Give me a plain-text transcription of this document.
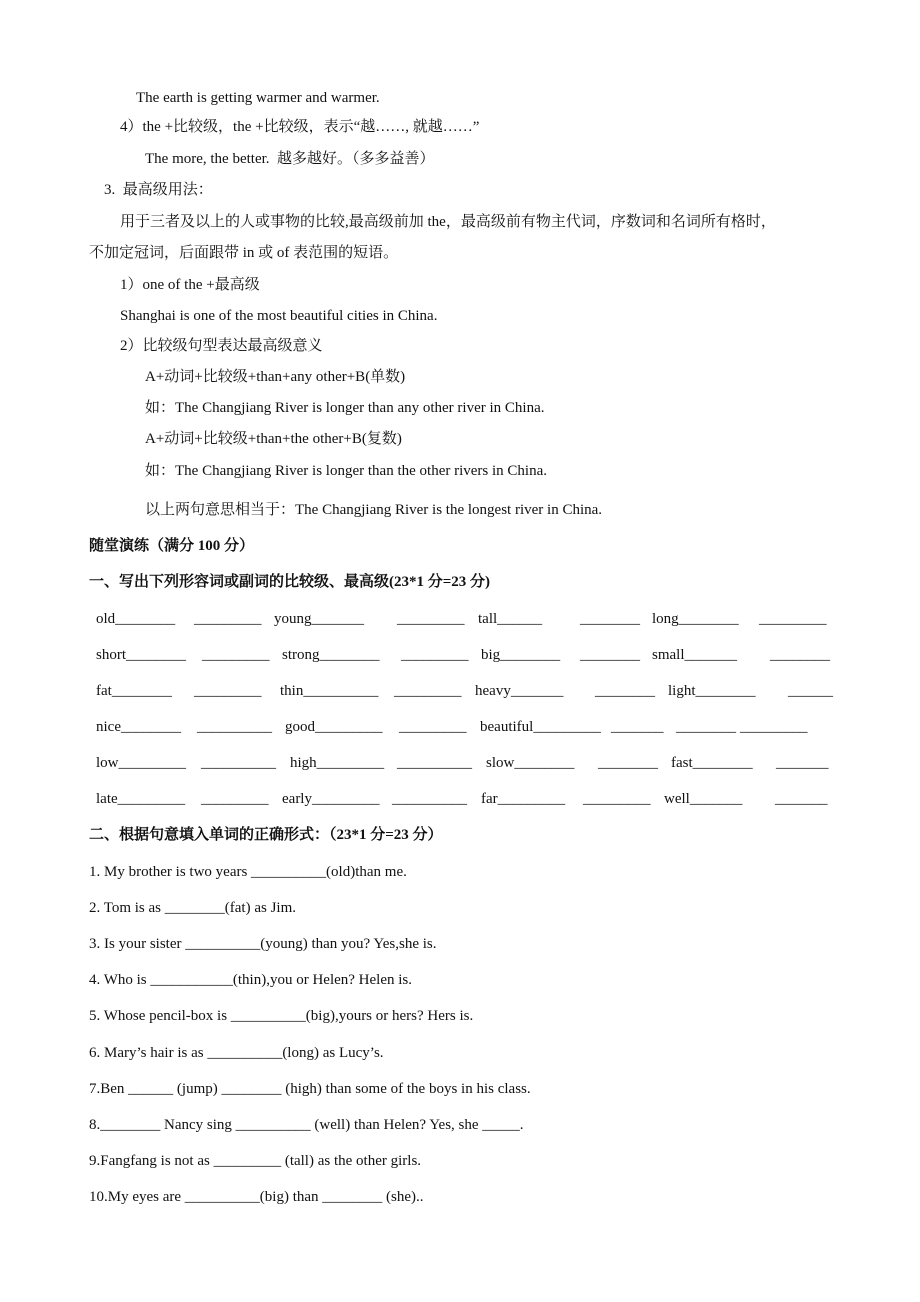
The earth is getting warmer and warmer.
4）the +比较级，the +比较级，表示“越……, 就越……”
The more, the better.  越多越好。（多多益善）
3.  最高级用法：
用于三者及以上的人或事物的比较,最高级前加 the，最高级前有物主代词，序数词和名词所有格时，
不加定冠词，后面跟带 in 或 of 表范围的短语。
1）one of the +最高级
Shanghai is one of the most beautiful cities in China.
2）比较级句型表达最高级意义
A+动词+比较级+than+any other+B(单数)
如：The Changjiang River is longer than any other river in China.
A+动词+比较级+than+the other+B(复数)
如：The Changjiang River is longer than the other rivers in China.
以上两句意思相当于：The Changjiang River is the longest river in China.
随堂演练（满分 100 分）
一、写出下列形容词或副词的比较级、最高级(23*1 分=23 分)
old________ _________ young_______ _________ tall______	________ long________ _________
short________ _________ strong________ _________ big________ ________ small_______ ________
fat________ _________ thin__________ _________ heavy_______ ________ light________ ______
nice________ __________ good_________ _________ beautiful_________ _______ ________ _________
low_________ __________ high_________ __________ slow________ ________ fast________ _______
late_________ _________ early_________ __________ far_________ _________ well_______ _______
二、根据句意填入单词的正确形式：（23*1 分=23 分）
1. My brother is two years __________(old)than me.
2. Tom is as ________(fat) as Jim.
3. Is your sister __________(young) than you? Yes,she is.
4. Who is ___________(thin),you or Helen? Helen is.
5. Whose pencil-box is __________(big),yours or hers? Hers is.
6. Mary’s hair is as __________(long) as Lucy’s.
7.Ben ______ (jump) ________ (high) than some of the boys in his class.
8.________ Nancy sing __________ (well) than Helen? Yes, she _____.
9.Fangfang is not as _________ (tall) as the other girls.
10.My eyes are __________(big) than ________ (she)..
